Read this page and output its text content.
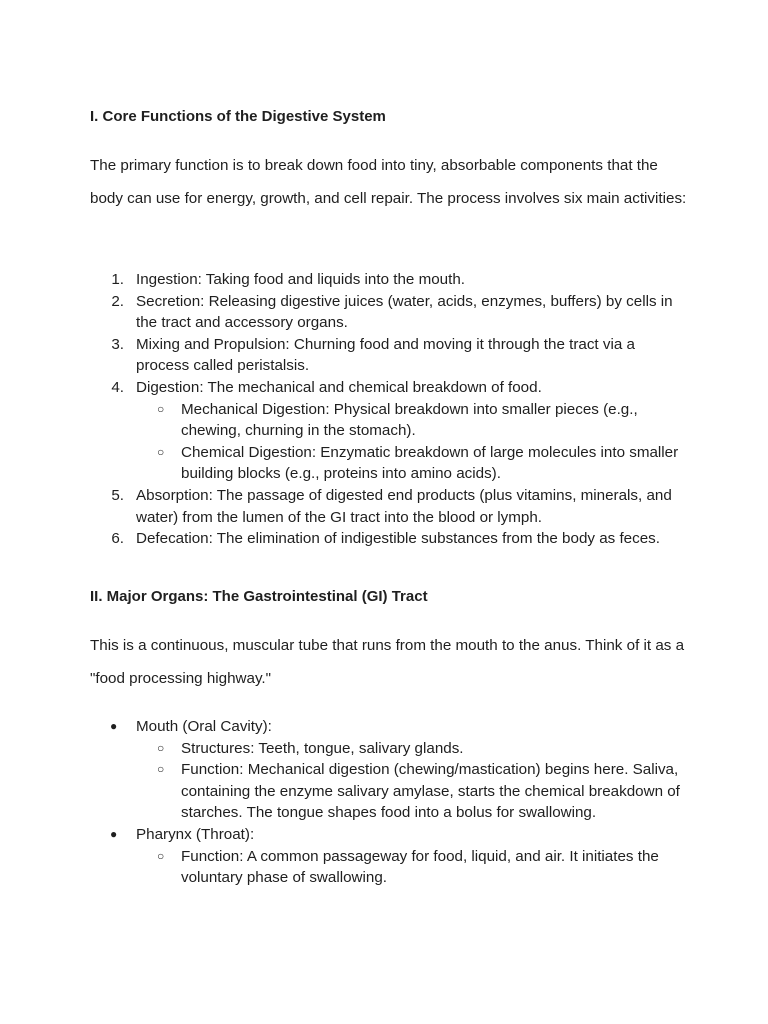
I. Core Functions of the Digestive System
The primary function is to break down food into tiny, absorbable components that the body can use for energy, growth, and cell repair. The process involves six main activities:
1. Ingestion: Taking food and liquids into the mouth.
2. Secretion: Releasing digestive juices (water, acids, enzymes, buffers) by cells in the tract and accessory organs.
3. Mixing and Propulsion: Churning food and moving it through the tract via a process called peristalsis.
4. Digestion: The mechanical and chemical breakdown of food.
○ Mechanical Digestion: Physical breakdown into smaller pieces (e.g., chewing, churning in the stomach).
○ Chemical Digestion: Enzymatic breakdown of large molecules into smaller building blocks (e.g., proteins into amino acids).
5. Absorption: The passage of digested end products (plus vitamins, minerals, and water) from the lumen of the GI tract into the blood or lymph.
6. Defecation: The elimination of indigestible substances from the body as feces.
II. Major Organs: The Gastrointestinal (GI) Tract
This is a continuous, muscular tube that runs from the mouth to the anus. Think of it as a "food processing highway."
● Mouth (Oral Cavity):
○ Structures: Teeth, tongue, salivary glands.
○ Function: Mechanical digestion (chewing/mastication) begins here. Saliva, containing the enzyme salivary amylase, starts the chemical breakdown of starches. The tongue shapes food into a bolus for swallowing.
● Pharynx (Throat):
○ Function: A common passageway for food, liquid, and air. It initiates the voluntary phase of swallowing.
